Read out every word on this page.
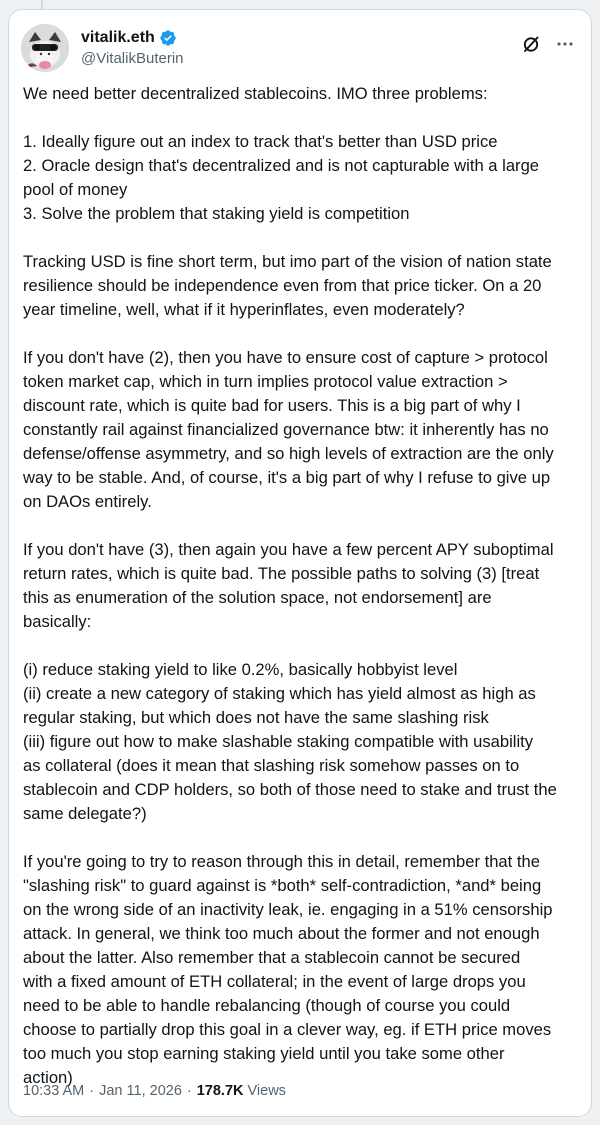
vitalik.eth
@VitalikButerin
We need better decentralized stablecoins. IMO three problems:
1. Ideally figure out an index to track that's better than USD price
2. Oracle design that's decentralized and is not capturable with a large
pool of money
3. Solve the problem that staking yield is competition
Tracking USD is fine short term, but imo part of the vision of nation state
resilience should be independence even from that price ticker. On a 20
year timeline, well, what if it hyperinflates, even moderately?
If you don't have (2), then you have to ensure cost of capture > protocol
token market cap, which in turn implies protocol value extraction >
discount rate, which is quite bad for users. This is a big part of why I
constantly rail against financialized governance btw: it inherently has no
defense/offense asymmetry, and so high levels of extraction are the only
way to be stable. And, of course, it's a big part of why I refuse to give up
on DAOs entirely.
If you don't have (3), then again you have a few percent APY suboptimal
return rates, which is quite bad. The possible paths to solving (3) [treat
this as enumeration of the solution space, not endorsement] are
basically:
(i) reduce staking yield to like 0.2%, basically hobbyist level
(ii) create a new category of staking which has yield almost as high as
regular staking, but which does not have the same slashing risk
(iii) figure out how to make slashable staking compatible with usability
as collateral (does it mean that slashing risk somehow passes on to
stablecoin and CDP holders, so both of those need to stake and trust the
same delegate?)
If you're going to try to reason through this in detail, remember that the
"slashing risk" to guard against is *both* self-contradiction, *and* being
on the wrong side of an inactivity leak, ie. engaging in a 51% censorship
attack. In general, we think too much about the former and not enough
about the latter. Also remember that a stablecoin cannot be secured
with a fixed amount of ETH collateral; in the event of large drops you
need to be able to handle rebalancing (though of course you could
choose to partially drop this goal in a clever way, eg. if ETH price moves
too much you stop earning staking yield until you take some other
action)
10:33 AM · Jan 11, 2026 · 178.7K Views
